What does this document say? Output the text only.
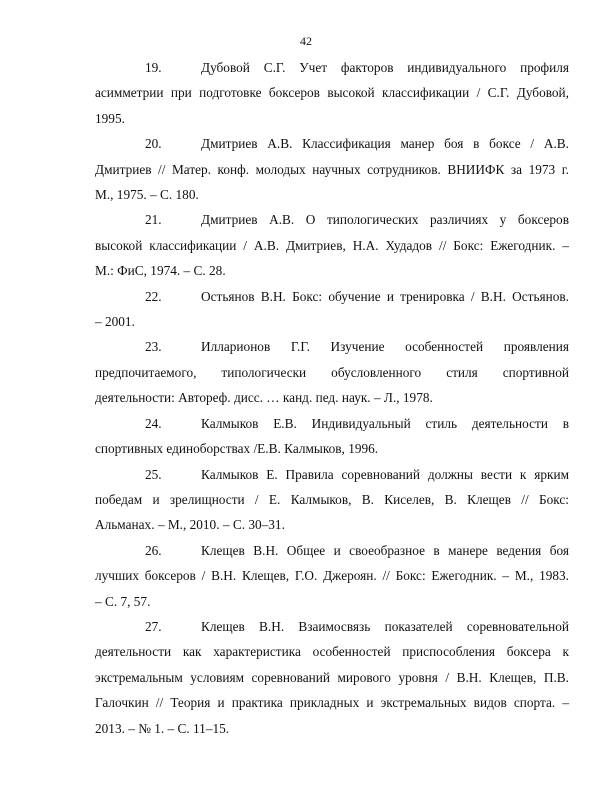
42
19.	Дубовой С.Г. Учет факторов индивидуального профиля
асимметрии при подготовке боксеров высокой классификации / С.Г. Дубовой,
1995.
20.	Дмитриев А.В. Классификация манер боя в боксе / А.В.
Дмитриев // Матер. конф. молодых научных сотрудников. ВНИИФК за 1973 г.
М., 1975. – С. 180.
21.	Дмитриев А.В. О типологических различиях у боксеров
высокой классификации / А.В. Дмитриев, Н.А. Худадов // Бокс: Ежегодник. –
М.: ФиС, 1974. – С. 28.
22.	Остьянов В.Н. Бокс: обучение и тренировка / В.Н. Остьянов.
– 2001.
23.	Илларионов Г.Г. Изучение особенностей проявления
предпочитаемого, типологически обусловленного стиля спортивной
деятельности: Автореф. дисс. … канд. пед. наук. – Л., 1978.
24.	Калмыков Е.В. Индивидуальный стиль деятельности в
спортивных единоборствах /Е.В. Калмыков, 1996.
25.	Калмыков Е. Правила соревнований должны вести к ярким
победам и зрелищности / Е. Калмыков, В. Киселев, В. Клещев // Бокс:
Альманах. – М., 2010. – С. 30–31.
26.	Клещев В.Н. Общее и своеобразное в манере ведения боя
лучших боксеров / В.Н. Клещев, Г.О. Джероян. // Бокс: Ежегодник. – М., 1983.
– С. 7, 57.
27.	Клещев В.Н. Взаимосвязь показателей соревновательной
деятельности как характеристика особенностей приспособления боксера к
экстремальным условиям соревнований мирового уровня / В.Н. Клещев, П.В.
Галочкин // Теория и практика прикладных и экстремальных видов спорта. –
2013. – № 1. – С. 11–15.
